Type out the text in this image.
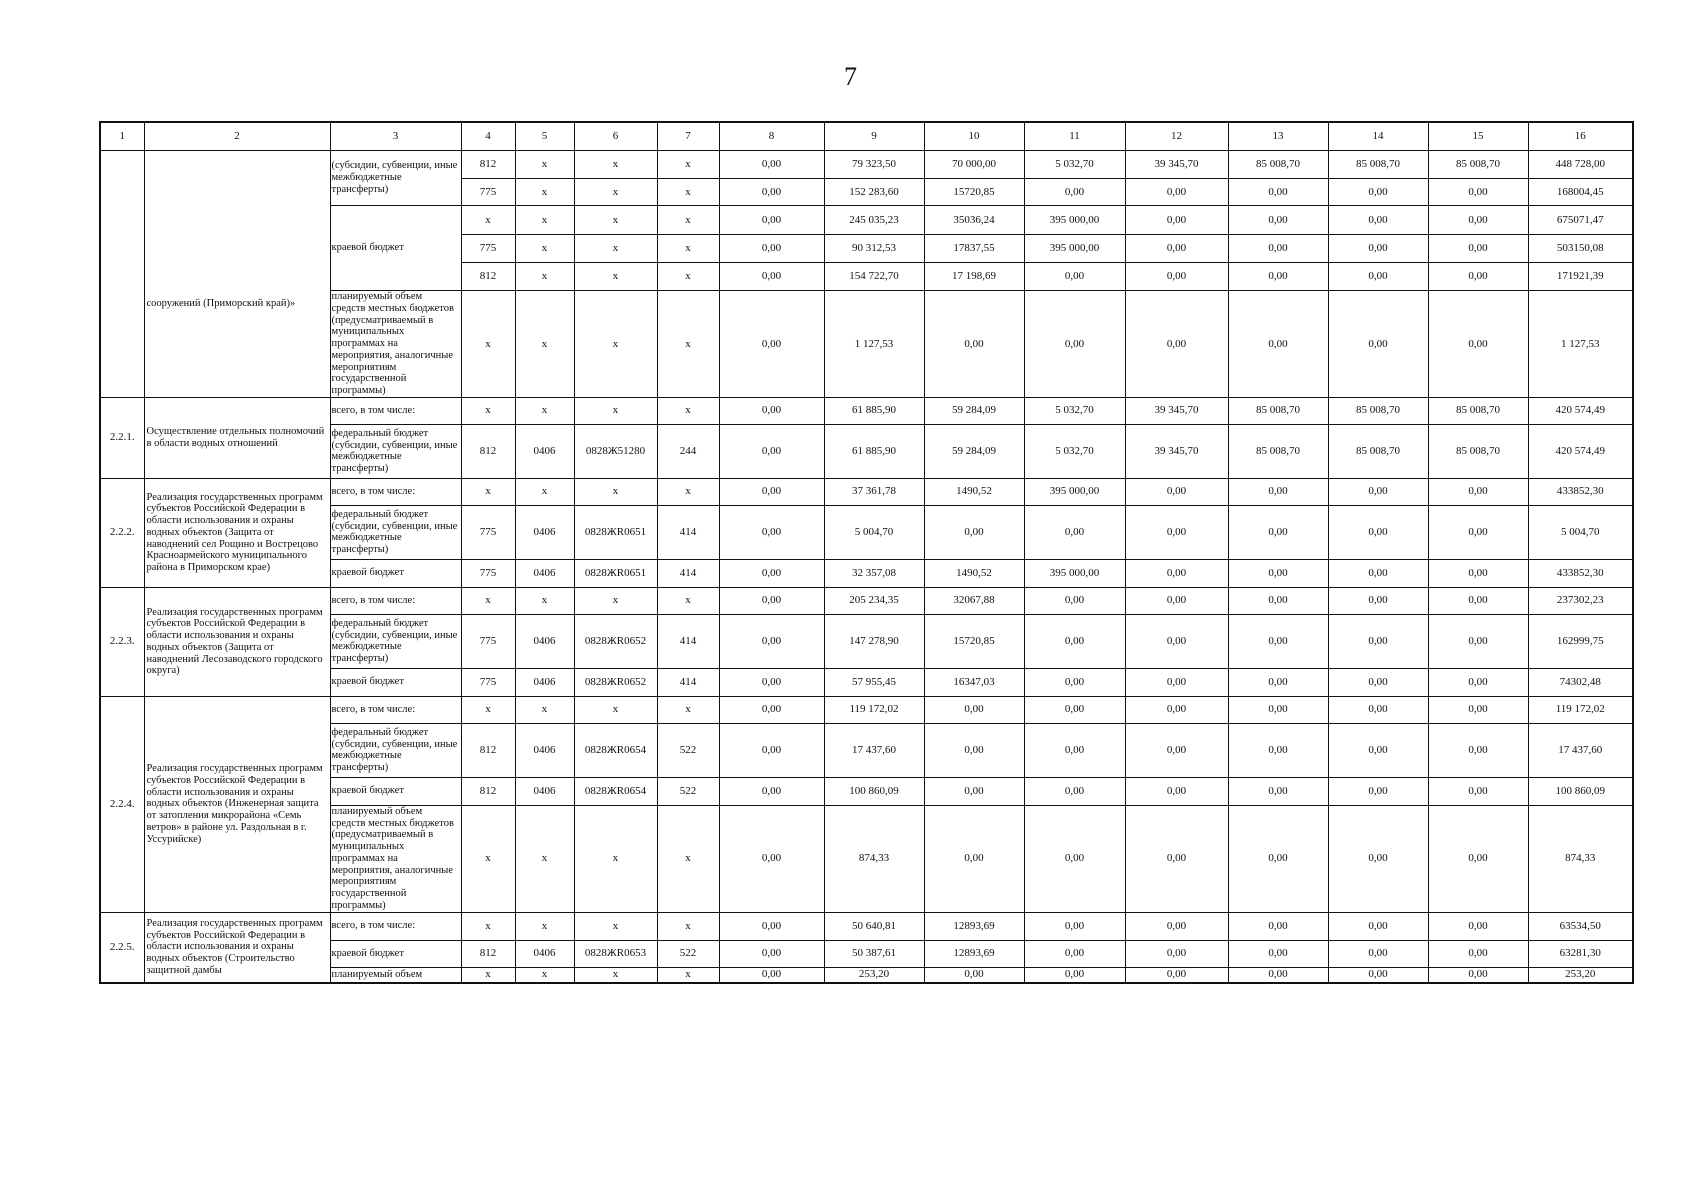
7
1	2	3	4	5	6	7	8	9	10	11	12	13	14	15	16
	сооружений (Приморский край)»	(субсидии, субвенции, иные межбюджетные трансферты)	812	x	x	x	0,00	79 323,50	70 000,00	5 032,70	39 345,70	85 008,70	85 008,70	85 008,70	448 728,00
			775	x	x	x	0,00	152 283,60	15720,85	0,00	0,00	0,00	0,00	0,00	168004,45
		краевой бюджет	x	x	x	x	0,00	245 035,23	35036,24	395 000,00	0,00	0,00	0,00	0,00	675071,47
			775	x	x	x	0,00	90 312,53	17837,55	395 000,00	0,00	0,00	0,00	0,00	503150,08
			812	x	x	x	0,00	154 722,70	17 198,69	0,00	0,00	0,00	0,00	0,00	171921,39
		планируемый объем средств местных бюджетов (предусматриваемый в муниципальных программах на мероприятия, аналогичные мероприятиям государственной программы)	x	x	x	x	0,00	1 127,53	0,00	0,00	0,00	0,00	0,00	0,00	1 127,53
2.2.1.	Осуществление отдельных полномочий в области водных отношений	всего, в том числе:	x	x	x	x	0,00	61 885,90	59 284,09	5 032,70	39 345,70	85 008,70	85 008,70	85 008,70	420 574,49
		федеральный бюджет (субсидии, субвенции, иные межбюджетные трансферты)	812	0406	0828Ж51280	244	0,00	61 885,90	59 284,09	5 032,70	39 345,70	85 008,70	85 008,70	85 008,70	420 574,49
2.2.2.	Реализация государственных программ субъектов Российской Федерации в области использования и охраны водных объектов (Защита от наводнений сел Рощино и Вострецово Красноармейского муниципального района в Приморском крае)	всего, в том числе:	x	x	x	x	0,00	37 361,78	1490,52	395 000,00	0,00	0,00	0,00	0,00	433852,30
		федеральный бюджет (субсидии, субвенции, иные межбюджетные трансферты)	775	0406	0828ЖR0651	414	0,00	5 004,70	0,00	0,00	0,00	0,00	0,00	0,00	5 004,70
		краевой бюджет	775	0406	0828ЖR0651	414	0,00	32 357,08	1490,52	395 000,00	0,00	0,00	0,00	0,00	433852,30
2.2.3.	Реализация государственных программ субъектов Российской Федерации в области использования и охраны водных объектов (Защита от наводнений Лесозаводского городского округа)	всего, в том числе:	x	x	x	x	0,00	205 234,35	32067,88	0,00	0,00	0,00	0,00	0,00	237302,23
		федеральный бюджет (субсидии, субвенции, иные межбюджетные трансферты)	775	0406	0828ЖR0652	414	0,00	147 278,90	15720,85	0,00	0,00	0,00	0,00	0,00	162999,75
		краевой бюджет	775	0406	0828ЖR0652	414	0,00	57 955,45	16347,03	0,00	0,00	0,00	0,00	0,00	74302,48
2.2.4.	Реализация государственных программ субъектов Российской Федерации в области использования и охраны водных объектов (Инженерная защита от затопления микрорайона «Семь ветров» в районе ул. Раздольная в г. Уссурийске)	всего, в том числе:	x	x	x	x	0,00	119 172,02	0,00	0,00	0,00	0,00	0,00	0,00	119 172,02
		федеральный бюджет (субсидии, субвенции, иные межбюджетные трансферты)	812	0406	0828ЖR0654	522	0,00	17 437,60	0,00	0,00	0,00	0,00	0,00	0,00	17 437,60
		краевой бюджет	812	0406	0828ЖR0654	522	0,00	100 860,09	0,00	0,00	0,00	0,00	0,00	0,00	100 860,09
		планируемый объем средств местных бюджетов (предусматриваемый в муниципальных программах на мероприятия, аналогичные мероприятиям государственной программы)	x	x	x	x	0,00	874,33	0,00	0,00	0,00	0,00	0,00	0,00	874,33
2.2.5.	Реализация государственных программ субъектов Российской Федерации в области использования и охраны водных объектов (Строительство защитной дамбы	всего, в том числе:	x	x	x	x	0,00	50 640,81	12893,69	0,00	0,00	0,00	0,00	0,00	63534,50
		краевой бюджет	812	0406	0828ЖR0653	522	0,00	50 387,61	12893,69	0,00	0,00	0,00	0,00	0,00	63281,30
		планируемый объем	x	x	x	x	0,00	253,20	0,00	0,00	0,00	0,00	0,00	0,00	253,20
